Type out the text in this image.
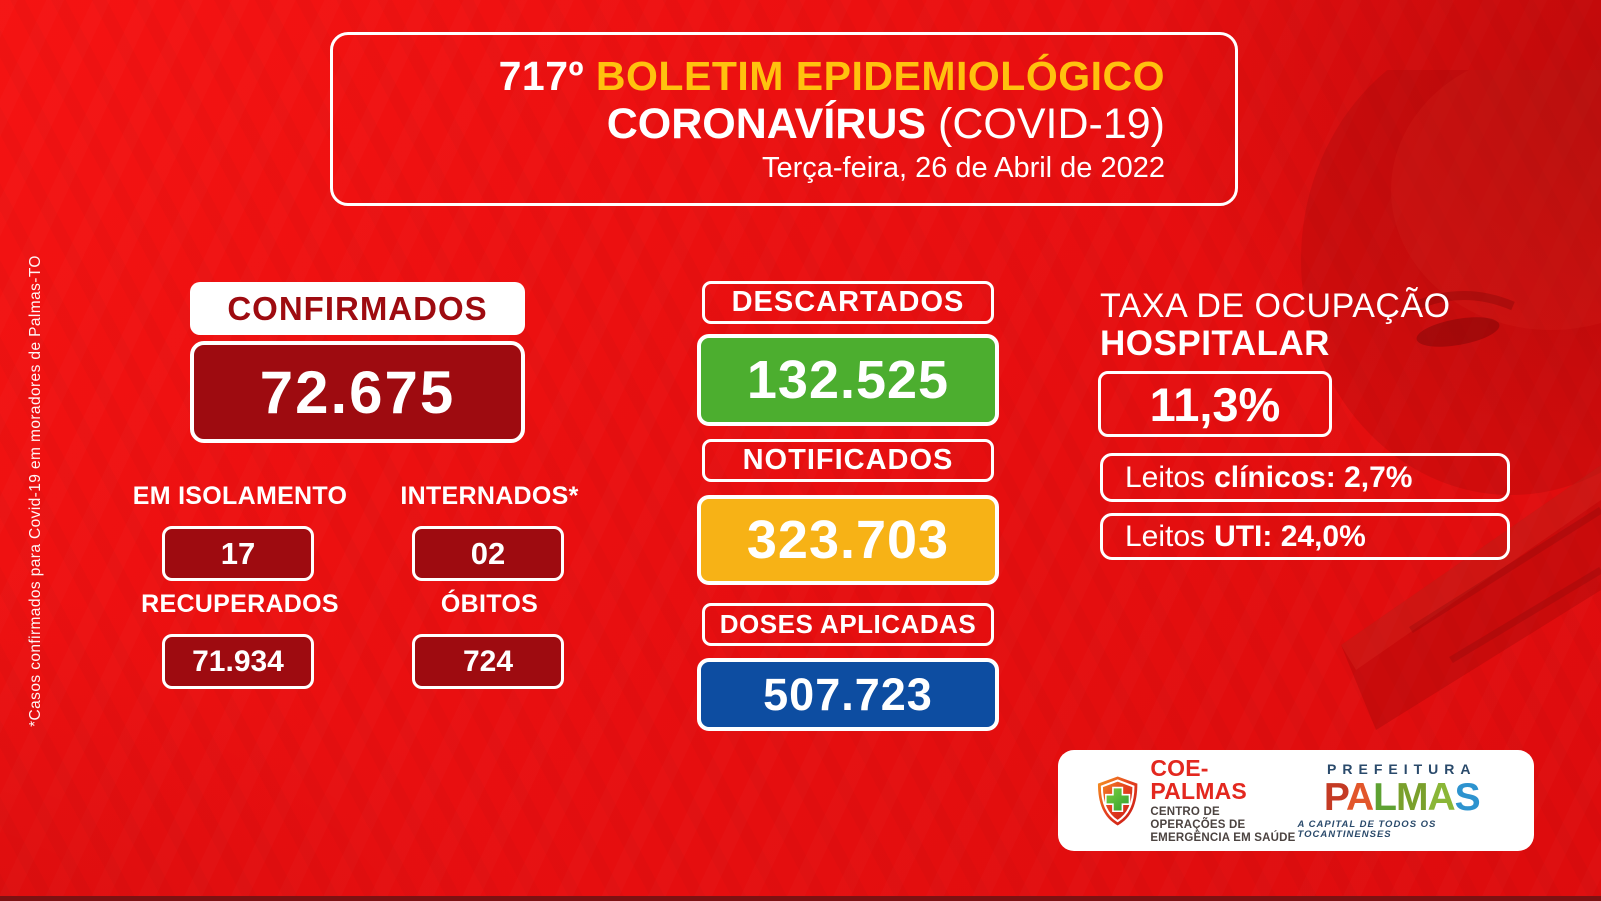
*Casos confirmados para Covid-19 em moradores de Palmas-TO
717º BOLETIM EPIDEMIOLÓGICO
CORONAVÍRUS (COVID-19)
Terça-feira, 26 de Abril de 2022
CONFIRMADOS
72.675
EM ISOLAMENTO	INTERNADOS*
17	02
RECUPERADOS	ÓBITOS
71.934	724
DESCARTADOS
132.525
NOTIFICADOS
323.703
DOSES APLICADAS
507.723
TAXA DE OCUPAÇÃO
HOSPITALAR
11,3%
Leitos clínicos: 2,7%
Leitos UTI: 24,0%
COE-PALMAS
CENTRO DE OPERAÇÕES DE
EMERGÊNCIA EM SAÚDE
PREFEITURA
PALMAS
A CAPITAL DE TODOS OS TOCANTINENSES
